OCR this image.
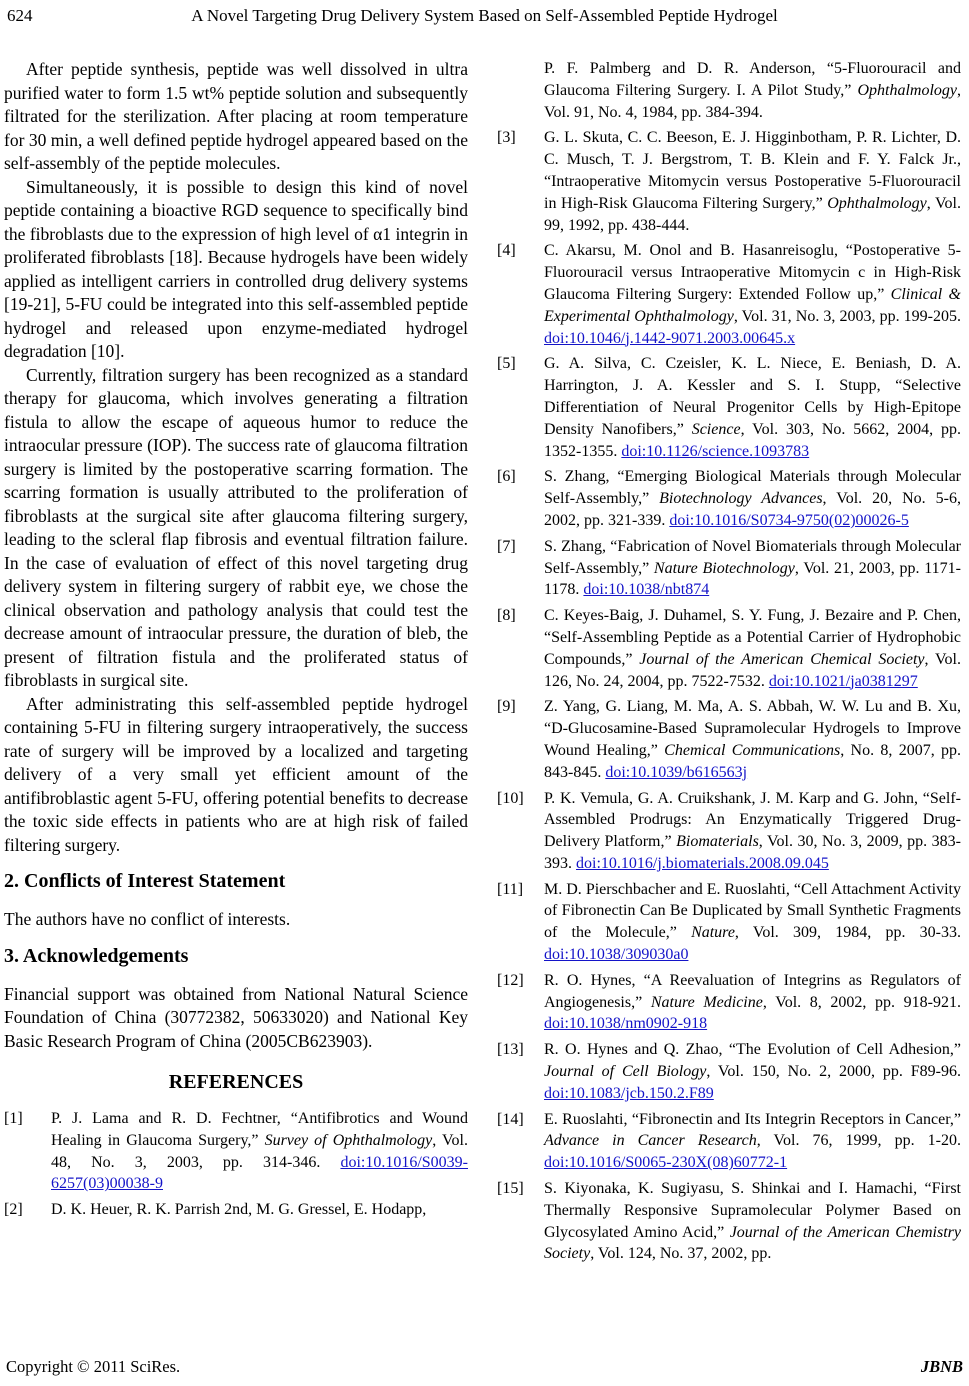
624	A Novel Targeting Drug Delivery System Based on Self-Assembled Peptide Hydrogel

After peptide synthesis, peptide was well dissolved in ultra purified water to form 1.5 wt% peptide solution and subsequently filtrated for the sterilization. After placing at room temperature for 30 min, a well defined peptide hydrogel appeared based on the self-assembly of the peptide molecules.

Simultaneously, it is possible to design this kind of novel peptide containing a bioactive RGD sequence to specifically bind the fibroblasts due to the expression of high level of α1 integrin in proliferated fibroblasts [18]. Because hydrogels have been widely applied as intelligent carriers in controlled drug delivery systems [19-21], 5-FU could be integrated into this self-assembled peptide hydrogel and released upon enzyme-mediated hydrogel degradation [10].

Currently, filtration surgery has been recognized as a standard therapy for glaucoma, which involves generating a filtration fistula to allow the escape of aqueous humor to reduce the intraocular pressure (IOP). The success rate of glaucoma filtration surgery is limited by the postoperative scarring formation. The scarring formation is usually attributed to the proliferation of fibroblasts at the surgical site after glaucoma filtering surgery, leading to the scleral flap fibrosis and eventual filtration failure. In the case of evaluation of effect of this novel targeting drug delivery system in filtering surgery of rabbit eye, we chose the clinical observation and pathology analysis that could test the decrease amount of intraocular pressure, the duration of bleb, the present of filtration fistula and the proliferated status of fibroblasts in surgical site.

After administrating this self-assembled peptide hydrogel containing 5-FU in filtering surgery intraoperatively, the success rate of surgery will be improved by a localized and targeting delivery of a very small yet efficient amount of the antifibroblastic agent 5-FU, offering potential benefits to decrease the toxic side effects in patients who are at high risk of failed filtering surgery.

2. Conflicts of Interest Statement

The authors have no conflict of interests.

3. Acknowledgements

Financial support was obtained from National Natural Science Foundation of China (30772382, 50633020) and National Key Basic Research Program of China (2005CB623903).

REFERENCES
[1]	P. J. Lama and R. D. Fechtner, “Antifibrotics and Wound Healing in Glaucoma Surgery,” Survey of Ophthalmology, Vol. 48, No. 3, 2003, pp. 314-346. doi:10.1016/S0039-6257(03)00038-9
[2]	D. K. Heuer, R. K. Parrish 2nd, M. G. Gressel, E. Hodapp,
P. F. Palmberg and D. R. Anderson, “5-Fluorouracil and Glaucoma Filtering Surgery. I. A Pilot Study,” Ophthalmology, Vol. 91, No. 4, 1984, pp. 384-394.
[3]	G. L. Skuta, C. C. Beeson, E. J. Higginbotham, P. R. Lichter, D. C. Musch, T. J. Bergstrom, T. B. Klein and F. Y. Falck Jr., “Intraoperative Mitomycin versus Postoperative 5-Fluorouracil in High-Risk Glaucoma Filtering Surgery,” Ophthalmology, Vol. 99, 1992, pp. 438-444.
[4]	C. Akarsu, M. Onol and B. Hasanreisoglu, “Postoperative 5-Fluorouracil versus Intraoperative Mitomycin c in High-Risk Glaucoma Filtering Surgery: Extended Follow up,” Clinical & Experimental Ophthalmology, Vol. 31, No. 3, 2003, pp. 199-205. doi:10.1046/j.1442-9071.2003.00645.x
[5]	G. A. Silva, C. Czeisler, K. L. Niece, E. Beniash, D. A. Harrington, J. A. Kessler and S. I. Stupp, “Selective Differentiation of Neural Progenitor Cells by High-Epitope Density Nanofibers,” Science, Vol. 303, No. 5662, 2004, pp. 1352-1355. doi:10.1126/science.1093783
[6]	S. Zhang, “Emerging Biological Materials through Molecular Self-Assembly,” Biotechnology Advances, Vol. 20, No. 5-6, 2002, pp. 321-339. doi:10.1016/S0734-9750(02)00026-5
[7]	S. Zhang, “Fabrication of Novel Biomaterials through Molecular Self-Assembly,” Nature Biotechnology, Vol. 21, 2003, pp. 1171-1178. doi:10.1038/nbt874
[8]	C. Keyes-Baig, J. Duhamel, S. Y. Fung, J. Bezaire and P. Chen, “Self-Assembling Peptide as a Potential Carrier of Hydrophobic Compounds,” Journal of the American Chemical Society, Vol. 126, No. 24, 2004, pp. 7522-7532. doi:10.1021/ja0381297
[9]	Z. Yang, G. Liang, M. Ma, A. S. Abbah, W. W. Lu and B. Xu, “D-Glucosamine-Based Supramolecular Hydrogels to Improve Wound Healing,” Chemical Communications, No. 8, 2007, pp. 843-845. doi:10.1039/b616563j
[10]	P. K. Vemula, G. A. Cruikshank, J. M. Karp and G. John, “Self-Assembled Prodrugs: An Enzymatically Triggered Drug-Delivery Platform,” Biomaterials, Vol. 30, No. 3, 2009, pp. 383-393. doi:10.1016/j.biomaterials.2008.09.045
[11]	M. D. Pierschbacher and E. Ruoslahti, “Cell Attachment Activity of Fibronectin Can Be Duplicated by Small Synthetic Fragments of the Molecule,” Nature, Vol. 309, 1984, pp. 30-33. doi:10.1038/309030a0
[12]	R. O. Hynes, “A Reevaluation of Integrins as Regulators of Angiogenesis,” Nature Medicine, Vol. 8, 2002, pp. 918-921. doi:10.1038/nm0902-918
[13]	R. O. Hynes and Q. Zhao, “The Evolution of Cell Adhesion,” Journal of Cell Biology, Vol. 150, No. 2, 2000, pp. F89-96. doi:10.1083/jcb.150.2.F89
[14]	E. Ruoslahti, “Fibronectin and Its Integrin Receptors in Cancer,” Advance in Cancer Research, Vol. 76, 1999, pp. 1-20. doi:10.1016/S0065-230X(08)60772-1
[15]	S. Kiyonaka, K. Sugiyasu, S. Shinkai and I. Hamachi, “First Thermally Responsive Supramolecular Polymer Based on Glycosylated Amino Acid,” Journal of the American Chemistry Society, Vol. 124, No. 37, 2002, pp.
Copyright © 2011 SciRes.	JBNB
